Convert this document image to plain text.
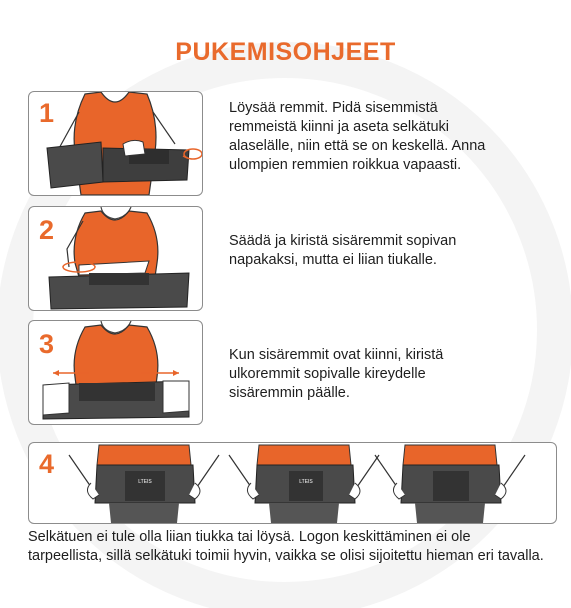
PUKEMISOHJEET
1	Löysää remmit. Pidä sisemmistä remmeistä kiinni ja aseta selkätuki alaselälle, niin että se on keskellä. Anna ulompien remmien roikkua vapaasti.
2	Säädä ja kiristä sisäremmit sopivan napakaksi, mutta ei liian tiukalle.
3	Kun sisäremmit ovat kiinni, kiristä ulkoremmit sopivalle kireydelle sisäremmin päälle.
LTEIS	LTEIS
4
Selkätuen ei tule olla liian tiukka tai löysä. Logon keskittäminen ei ole tarpeellista, sillä selkätuki toimii hyvin, vaikka se olisi sijoitettu hieman eri tavalla.
